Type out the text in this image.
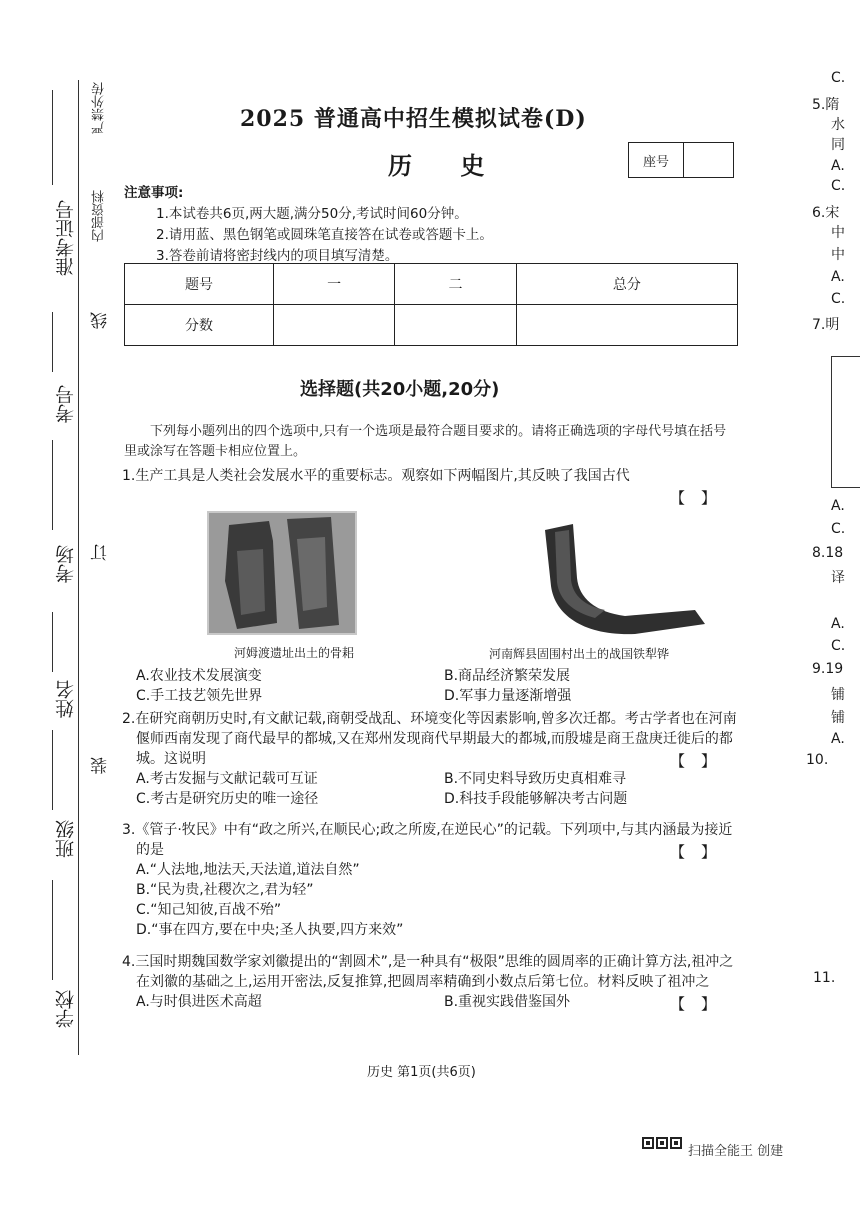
严禁外传
内部资料
线
订
装
准考证号
考号
考场
姓名
班级
学校
2025 普通高中招生模拟试卷(D)
历 史	座号
注意事项:
1.本试卷共6页,两大题,满分50分,考试时间60分钟。
2.请用蓝、黑色钢笔或圆珠笔直接答在试卷或答题卡上。
3.答卷前请将密封线内的项目填写清楚。
题号	一	二	总分
分数			
选择题(共20小题,20分)
下列每小题列出的四个选项中,只有一个选项是最符合题目要求的。请将正确选项的字母代号填在括号里或涂写在答题卡相应位置上。
1.生产工具是人类社会发展水平的重要标志。观察如下两幅图片,其反映了我国古代
【】
河姆渡遗址出土的骨耜	河南辉县固围村出土的战国铁犁铧
A.农业技术发展演变	B.商品经济繁荣发展
C.手工技艺领先世界	D.军事力量逐渐增强
2.在研究商朝历史时,有文献记载,商朝受战乱、环境变化等因素影响,曾多次迁都。考古学者也在河南偃师西南发现了商代最早的都城,又在郑州发现商代早期最大的都城,而殷墟是商王盘庚迁徙后的都城。这说明	【】
A.考古发掘与文献记载可互证	B.不同史料导致历史真相难寻
C.考古是研究历史的唯一途径	D.科技手段能够解决考古问题
3.《管子·牧民》中有“政之所兴,在顺民心;政之所废,在逆民心”的记载。下列项中,与其内涵最为接近的是	【】
A.“人法地,地法天,天法道,道法自然”
B.“民为贵,社稷次之,君为轻”
C.“知己知彼,百战不殆”
D.“事在四方,要在中央;圣人执要,四方来效”
4.三国时期魏国数学家刘徽提出的“割圆术”,是一种具有“极限”思维的圆周率的正确计算方法,祖冲之在刘徽的基础之上,运用开密法,反复推算,把圆周率精确到小数点后第七位。材料反映了祖冲之
【】
A.与时俱进医术高超	B.重视实践借鉴国外
历史 第1页(共6页)
C.
5.隋
水
同
A.
C.
6.宋
中
中
A.
C.
7.明
A.
C.
8.18
译
A.
C.
9.19
铺
铺
A.
10.
11.
扫描全能王 创建
